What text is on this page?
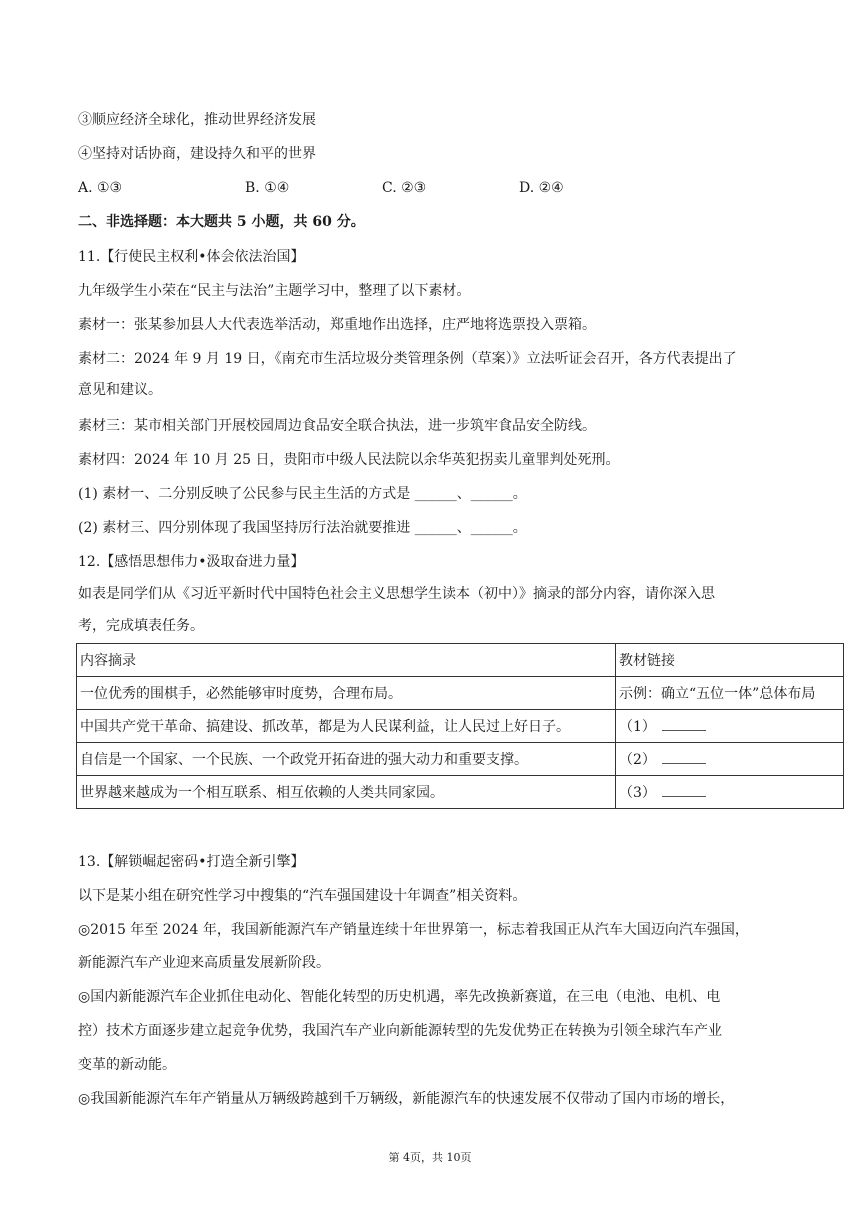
③顺应经济全球化，推动世界经济发展
④坚持对话协商，建设持久和平的世界
A. ①③	B. ①④	C. ②③	D. ②④
二、非选择题：本大题共 5 小题，共 60 分。
11.【行使民主权利•体会依法治国】
九年级学生小荣在“民主与法治”主题学习中，整理了以下素材。
素材一：张某参加县人大代表选举活动，郑重地作出选择，庄严地将选票投入票箱。
素材二：2024 年 9 月 19 日，《南充市生活垃圾分类管理条例（草案）》立法听证会召开，各方代表提出了
意见和建议。
素材三：某市相关部门开展校园周边食品安全联合执法，进一步筑牢食品安全防线。
素材四：2024 年 10 月 25 日，贵阳市中级人民法院以余华英犯拐卖儿童罪判处死刑。
(1) 素材一、二分别反映了公民参与民主生活的方式是 ______、______。
(2) 素材三、四分别体现了我国坚持厉行法治就要推进 ______、______。
12.【感悟思想伟力•汲取奋进力量】
如表是同学们从《习近平新时代中国特色社会主义思想学生读本（初中）》摘录的部分内容，请你深入思
考，完成填表任务。
内容摘录	教材链接
一位优秀的围棋手，必然能够审时度势，合理布局。	示例：确立“五位一体”总体布局
中国共产党干革命、搞建设、抓改革，都是为人民谋利益，让人民过上好日子。	（1）
自信是一个国家、一个民族、一个政党开拓奋进的强大动力和重要支撑。	（2）
世界越来越成为一个相互联系、相互依赖的人类共同家园。	（3）
13.【解锁崛起密码•打造全新引擎】
以下是某小组在研究性学习中搜集的“汽车强国建设十年调查”相关资料。
◎2015 年至 2024 年，我国新能源汽车产销量连续十年世界第一，标志着我国正从汽车大国迈向汽车强国，
新能源汽车产业迎来高质量发展新阶段。
◎国内新能源汽车企业抓住电动化、智能化转型的历史机遇，率先改换新赛道，在三电（电池、电机、电
控）技术方面逐步建立起竞争优势，我国汽车产业向新能源转型的先发优势正在转换为引领全球汽车产业
变革的新动能。
◎我国新能源汽车年产销量从万辆级跨越到千万辆级，新能源汽车的快速发展不仅带动了国内市场的增长，
第 4页，共 10页
